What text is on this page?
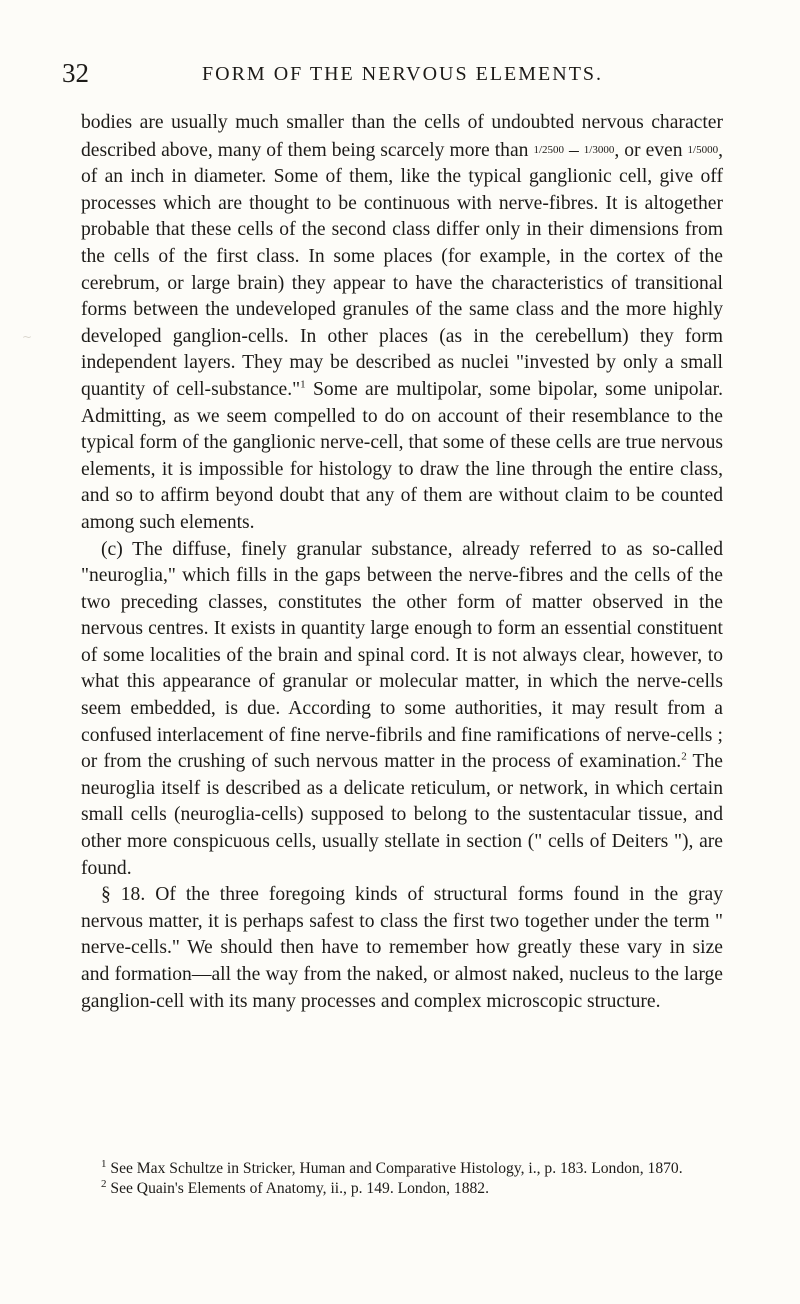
~
32	FORM OF THE NERVOUS ELEMENTS.

bodies are usually much smaller than the cells of undoubted nervous character described above, many of them being scarcely more than 1/2500 – 1/3000, or even 1/5000, of an inch in diameter. Some of them, like the typical ganglionic cell, give off processes which are thought to be continuous with nerve-fibres. It is altogether probable that these cells of the second class differ only in their dimensions from the cells of the first class. In some places (for example, in the cortex of the cerebrum, or large brain) they appear to have the characteristics of transitional forms between the undeveloped granules of the same class and the more highly developed ganglion-cells. In other places (as in the cerebellum) they form independent layers. They may be described as nuclei "invested by only a small quantity of cell-substance."$^1$ Some are multipolar, some bipolar, some unipolar. Admitting, as we seem compelled to do on account of their resemblance to the typical form of the ganglionic nerve-cell, that some of these cells are true nervous elements, it is impossible for histology to draw the line through the entire class, and so to affirm beyond doubt that any of them are without claim to be counted among such elements.

(c) The diffuse, finely granular substance, already referred to as so-called "neuroglia," which fills in the gaps between the nerve-fibres and the cells of the two preceding classes, constitutes the other form of matter observed in the nervous centres. It exists in quantity large enough to form an essential constituent of some localities of the brain and spinal cord. It is not always clear, however, to what this appearance of granular or molecular matter, in which the nerve-cells seem embedded, is due. According to some authorities, it may result from a confused interlacement of fine nerve-fibrils and fine ramifications of nerve-cells ; or from the crushing of such nervous matter in the process of examination.$^2$ The neuroglia itself is described as a delicate reticulum, or network, in which certain small cells (neuroglia-cells) supposed to belong to the sustentacular tissue, and other more conspicuous cells, usually stellate in section (" cells of Deiters "), are found.

§ 18. Of the three foregoing kinds of structural forms found in the gray nervous matter, it is perhaps safest to class the first two together under the term " nerve-cells." We should then have to remember how greatly these vary in size and formation—all the way from the naked, or almost naked, nucleus to the large ganglion-cell with its many processes and complex microscopic structure.

$^1$ See Max Schultze in Stricker, Human and Comparative Histology, i., p. 183. London, 1870.

$^2$ See Quain's Elements of Anatomy, ii., p. 149. London, 1882.
